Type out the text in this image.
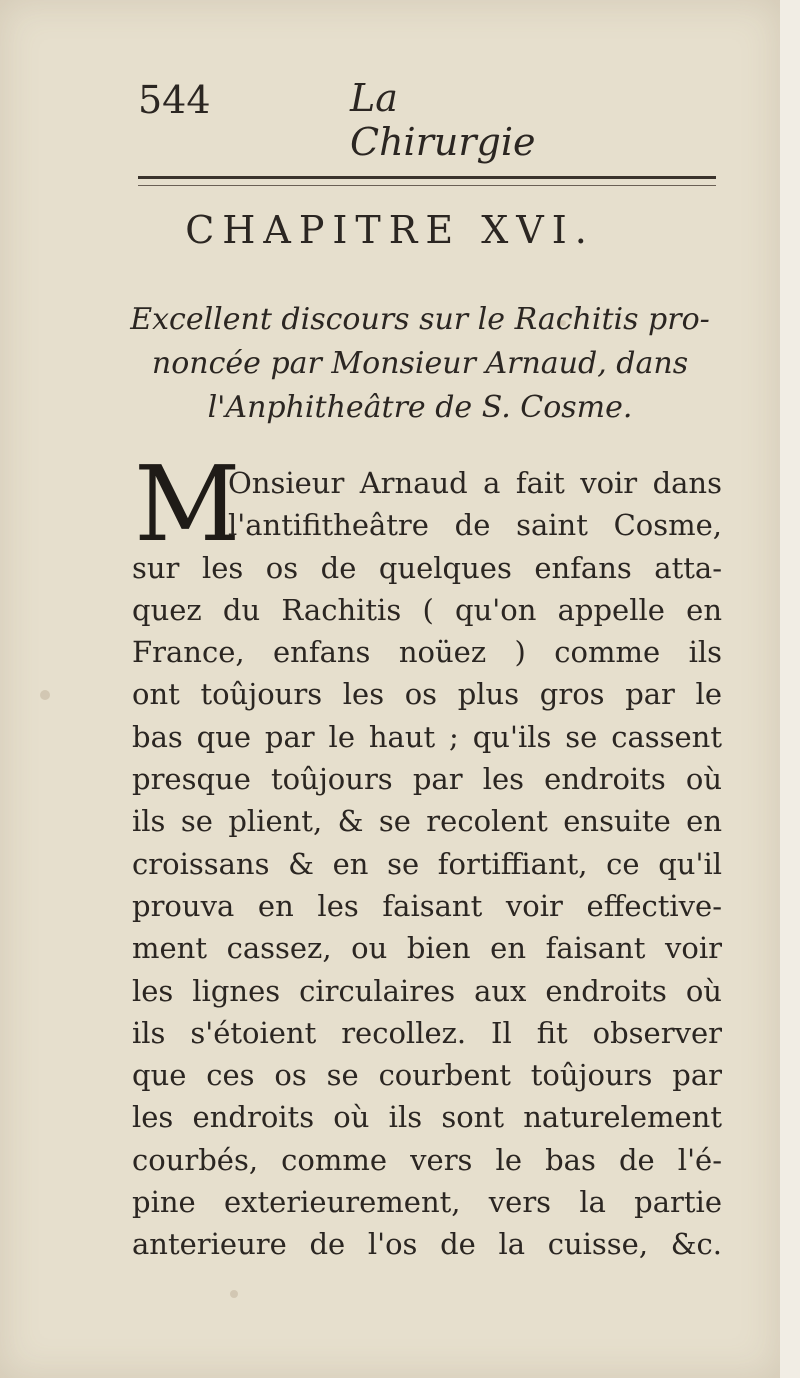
544	La Chirurgie
CHAPITRE XVI.
Excellent discours sur le Rachitis pro-
noncée par Monsieur Arnaud, dans
l'Anphitheâtre de S. Cosme.
M
Onsieur Arnaud a fait voir dans
l'antifitheâtre de saint Cosme,
sur les os de quelques enfans atta-
quez du Rachitis ( qu'on appelle en
France, enfans noüez ) comme ils
ont toûjours les os plus gros par le
bas que par le haut ; qu'ils se cassent
presque toûjours par les endroits où
ils se plient, & se recolent ensuite en
croissans & en se fortiffiant, ce qu'il
prouva en les faisant voir effective-
ment cassez, ou bien en faisant voir
les lignes circulaires aux endroits où
ils s'étoient recollez. Il fit observer
que ces os se courbent toûjours par
les endroits où ils sont naturelement
courbés, comme vers le bas de l'é-
pine exterieurement, vers la partie
anterieure de l'os de la cuisse, &c.
